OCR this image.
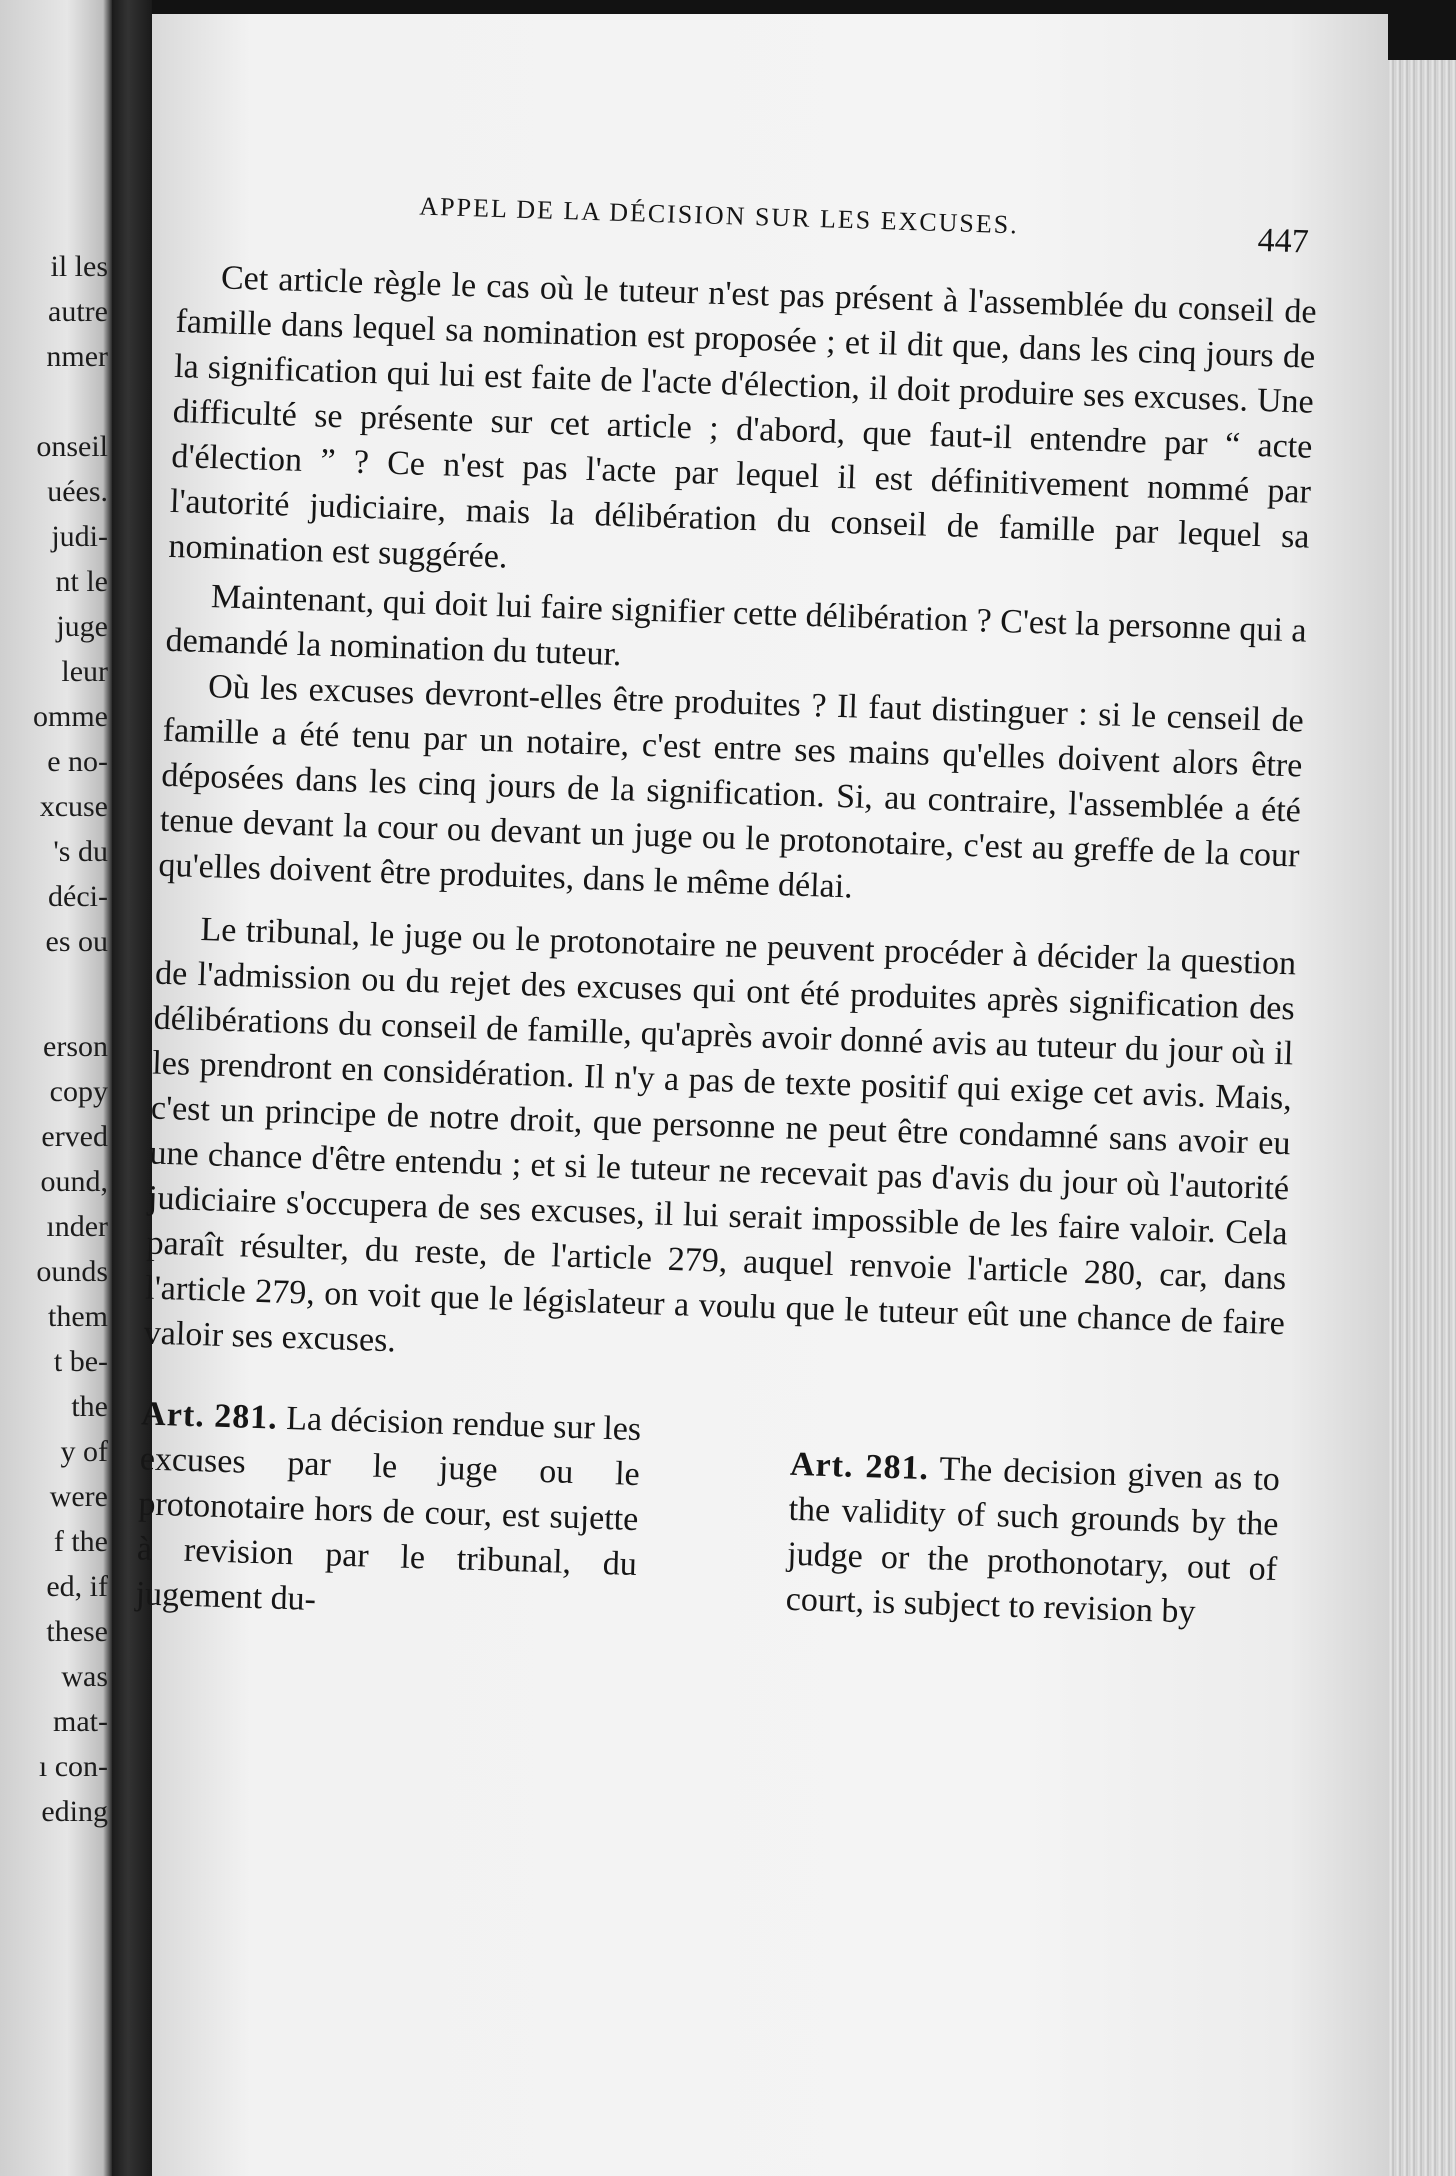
il les
autre
nmer
onseil
uées.
judi-
nt le
juge
leur
omme
e no-
xcuse
's du
déci-
es ou
erson
copy
erved
ound,
ınder
ounds
them
t be-
the
y of
were
f the
ed, if
these
was
mat-
ı con-
eding
APPEL DE LA DÉCISION SUR LES EXCUSES.
447

Cet article règle le cas où le tuteur n'est pas présent à l'assemblée du conseil de famille dans lequel sa nomination est proposée ; et il dit que, dans les cinq jours de la signification qui lui est faite de l'acte d'élection, il doit produire ses excuses. Une difficulté se présente sur cet article ; d'abord, que faut-il entendre par “ acte d'élection ” ? Ce n'est pas l'acte par lequel il est définitivement nommé par l'autorité judiciaire, mais la délibération du conseil de famille par lequel sa nomination est suggérée.

Maintenant, qui doit lui faire signifier cette délibération ? C'est la personne qui a demandé la nomination du tuteur.

Où les excuses devront-elles être produites ? Il faut distinguer : si le censeil de famille a été tenu par un notaire, c'est entre ses mains qu'elles doivent alors être déposées dans les cinq jours de la signification. Si, au contraire, l'assemblée a été tenue devant la cour ou devant un juge ou le protonotaire, c'est au greffe de la cour qu'elles doivent être produites, dans le même délai.

Le tribunal, le juge ou le protonotaire ne peuvent procéder à décider la question de l'admission ou du rejet des excuses qui ont été produites après signification des délibérations du conseil de famille, qu'après avoir donné avis au tuteur du jour où il les prendront en considération. Il n'y a pas de texte positif qui exige cet avis. Mais, c'est un principe de notre droit, que personne ne peut être condamné sans avoir eu une chance d'être entendu ; et si le tuteur ne recevait pas d'avis du jour où l'autorité judiciaire s'occupera de ses excuses, il lui serait impossible de les faire valoir. Cela paraît résulter, du reste, de l'article 279, auquel renvoie l'article 280, car, dans l'article 279, on voit que le législateur a voulu que le tuteur eût une chance de faire valoir ses excuses.

Art. 281. La décision rendue sur les excuses par le juge ou le protonotaire hors de cour, est sujette à revision par le tribunal, du jugement du-
Art. 281. The decision given as to the validity of such grounds by the judge or the prothonotary, out of court, is subject to revision by
